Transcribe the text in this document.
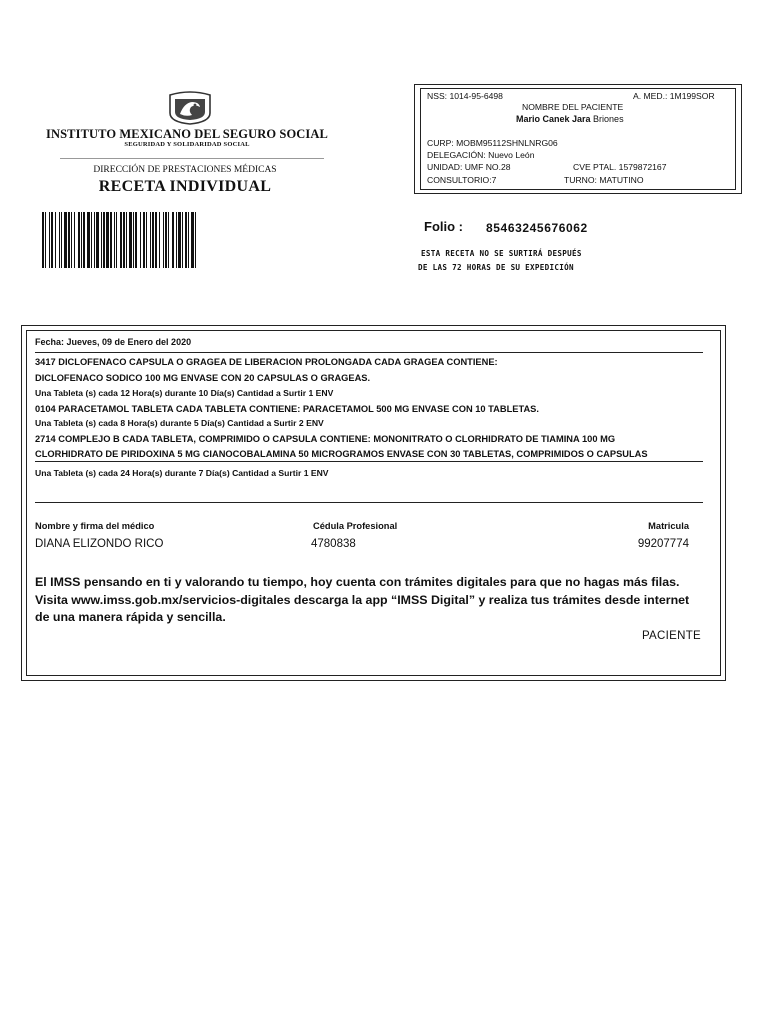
INSTITUTO MEXICANO DEL SEGURO SOCIAL
SEGURIDAD Y SOLIDARIDAD SOCIAL
DIRECCIÓN DE PRESTACIONES MÉDICAS
RECETA INDIVIDUAL
NSS: 1014-95-6498	A. MED.: 1M199SOR
NOMBRE DEL PACIENTE
Mario Canek Jara Briones
CURP: MOBM95112SHNLNRG06
DELEGACIÓN: Nuevo León
UNIDAD: UMF NO.28	CVE PTAL. 1579872167
CONSULTORIO:7	TURNO: MATUTINO
Folio : 85463245676062
ESTA RECETA NO SE SURTIRÁ DESPUÉS
DE LAS 72 HORAS DE SU EXPEDICIÓN
Fecha: Jueves, 09 de Enero del 2020
3417 DICLOFENACO CAPSULA O GRAGEA DE LIBERACION PROLONGADA CADA GRAGEA CONTIENE:
DICLOFENACO SODICO 100 MG ENVASE CON 20 CAPSULAS O GRAGEAS.
Una Tableta (s) cada 12 Hora(s) durante 10 Día(s) Cantidad a Surtir 1 ENV
0104 PARACETAMOL TABLETA CADA TABLETA CONTIENE: PARACETAMOL 500 MG ENVASE CON 10 TABLETAS.
Una Tableta (s) cada 8 Hora(s) durante 5 Día(s) Cantidad a Surtir 2 ENV
2714 COMPLEJO B CADA TABLETA, COMPRIMIDO O CAPSULA CONTIENE: MONONITRATO O CLORHIDRATO DE TIAMINA 100 MG
CLORHIDRATO DE PIRIDOXINA 5 MG CIANOCOBALAMINA 50 MICROGRAMOS ENVASE CON 30 TABLETAS, COMPRIMIDOS O CAPSULAS
Una Tableta (s) cada 24 Hora(s) durante 7 Día(s) Cantidad a Surtir 1 ENV
Nombre y firma del médico	Cédula Profesional	Matricula
DIANA ELIZONDO RICO	4780838	99207774
El IMSS pensando en ti y valorando tu tiempo, hoy cuenta con trámites digitales para que no hagas más filas.
Visita www.imss.gob.mx/servicios-digitales descarga la app “IMSS Digital” y realiza tus trámites desde internet
de una manera rápida y sencilla.
PACIENTE
